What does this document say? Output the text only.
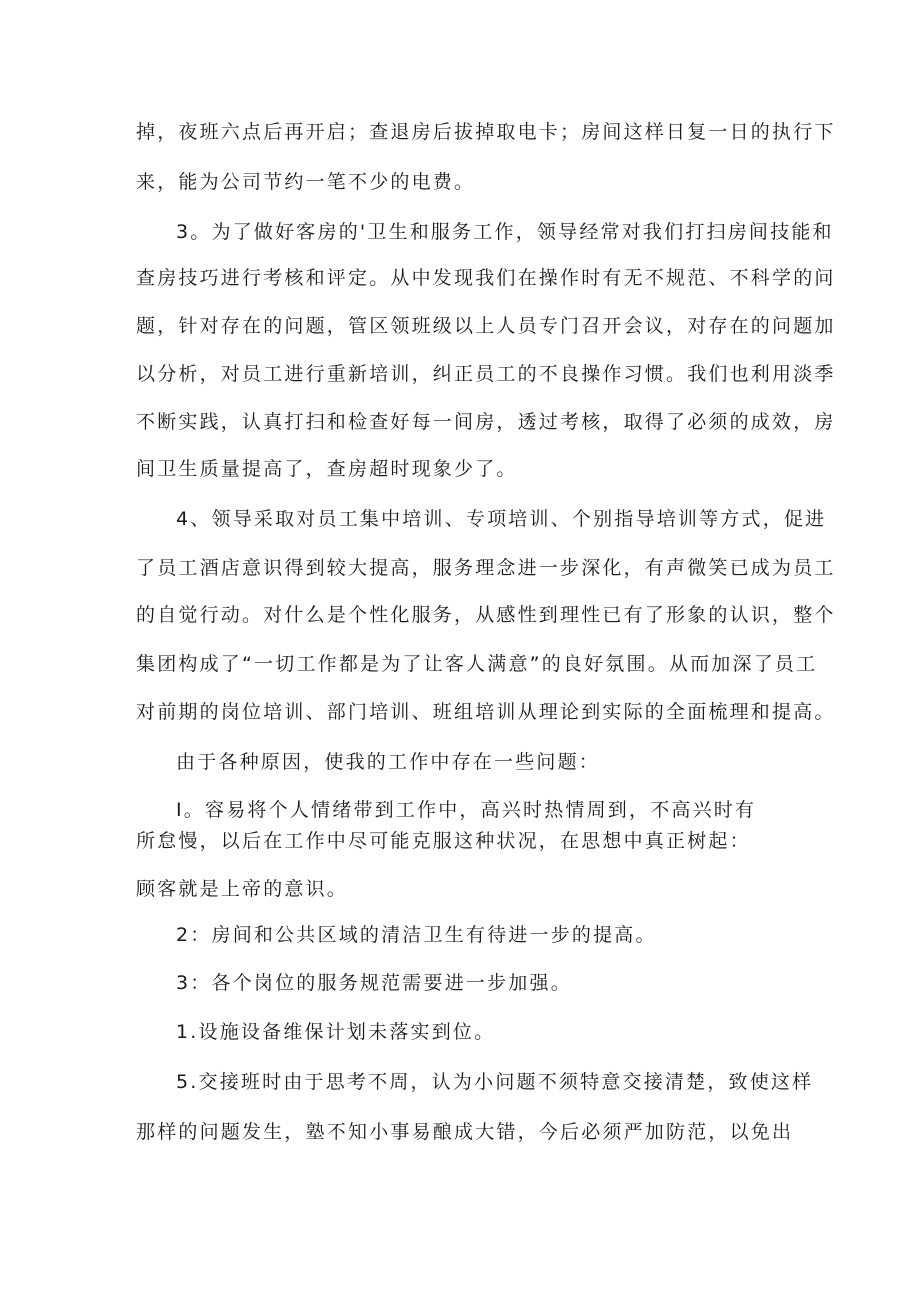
掉，夜班六点后再开启；查退房后拔掉取电卡；房间这样日复一日的执行下
来，能为公司节约一笔不少的电费。
3。为了做好客房的'卫生和服务工作，领导经常对我们打扫房间技能和
查房技巧进行考核和评定。从中发现我们在操作时有无不规范、不科学的问
题，针对存在的问题，管区领班级以上人员专门召开会议，对存在的问题加
以分析，对员工进行重新培训，纠正员工的不良操作习惯。我们也利用淡季
不断实践，认真打扫和检查好每一间房，透过考核，取得了必须的成效，房
间卫生质量提高了，查房超时现象少了。
4、领导采取对员工集中培训、专项培训、个别指导培训等方式，促进
了员工酒店意识得到较大提高，服务理念进一步深化，有声微笑已成为员工
的自觉行动。对什么是个性化服务，从感性到理性已有了形象的认识，整个
集团构成了“一切工作都是为了让客人满意”的良好氛围。从而加深了员工
对前期的岗位培训、部门培训、班组培训从理论到实际的全面梳理和提高。
由于各种原因，使我的工作中存在一些问题：
I。容易将个人情绪带到工作中，高兴时热情周到，不高兴时有
所怠慢，以后在工作中尽可能克服这种状况，在思想中真正树起：
顾客就是上帝的意识。
2：房间和公共区域的清洁卫生有待进一步的提高。
3：各个岗位的服务规范需要进一步加强。
1.设施设备维保计划未落实到位。
5.交接班时由于思考不周，认为小问题不须特意交接清楚，致使这样
那样的问题发生，塾不知小事易酿成大错，今后必须严加防范，以免出
